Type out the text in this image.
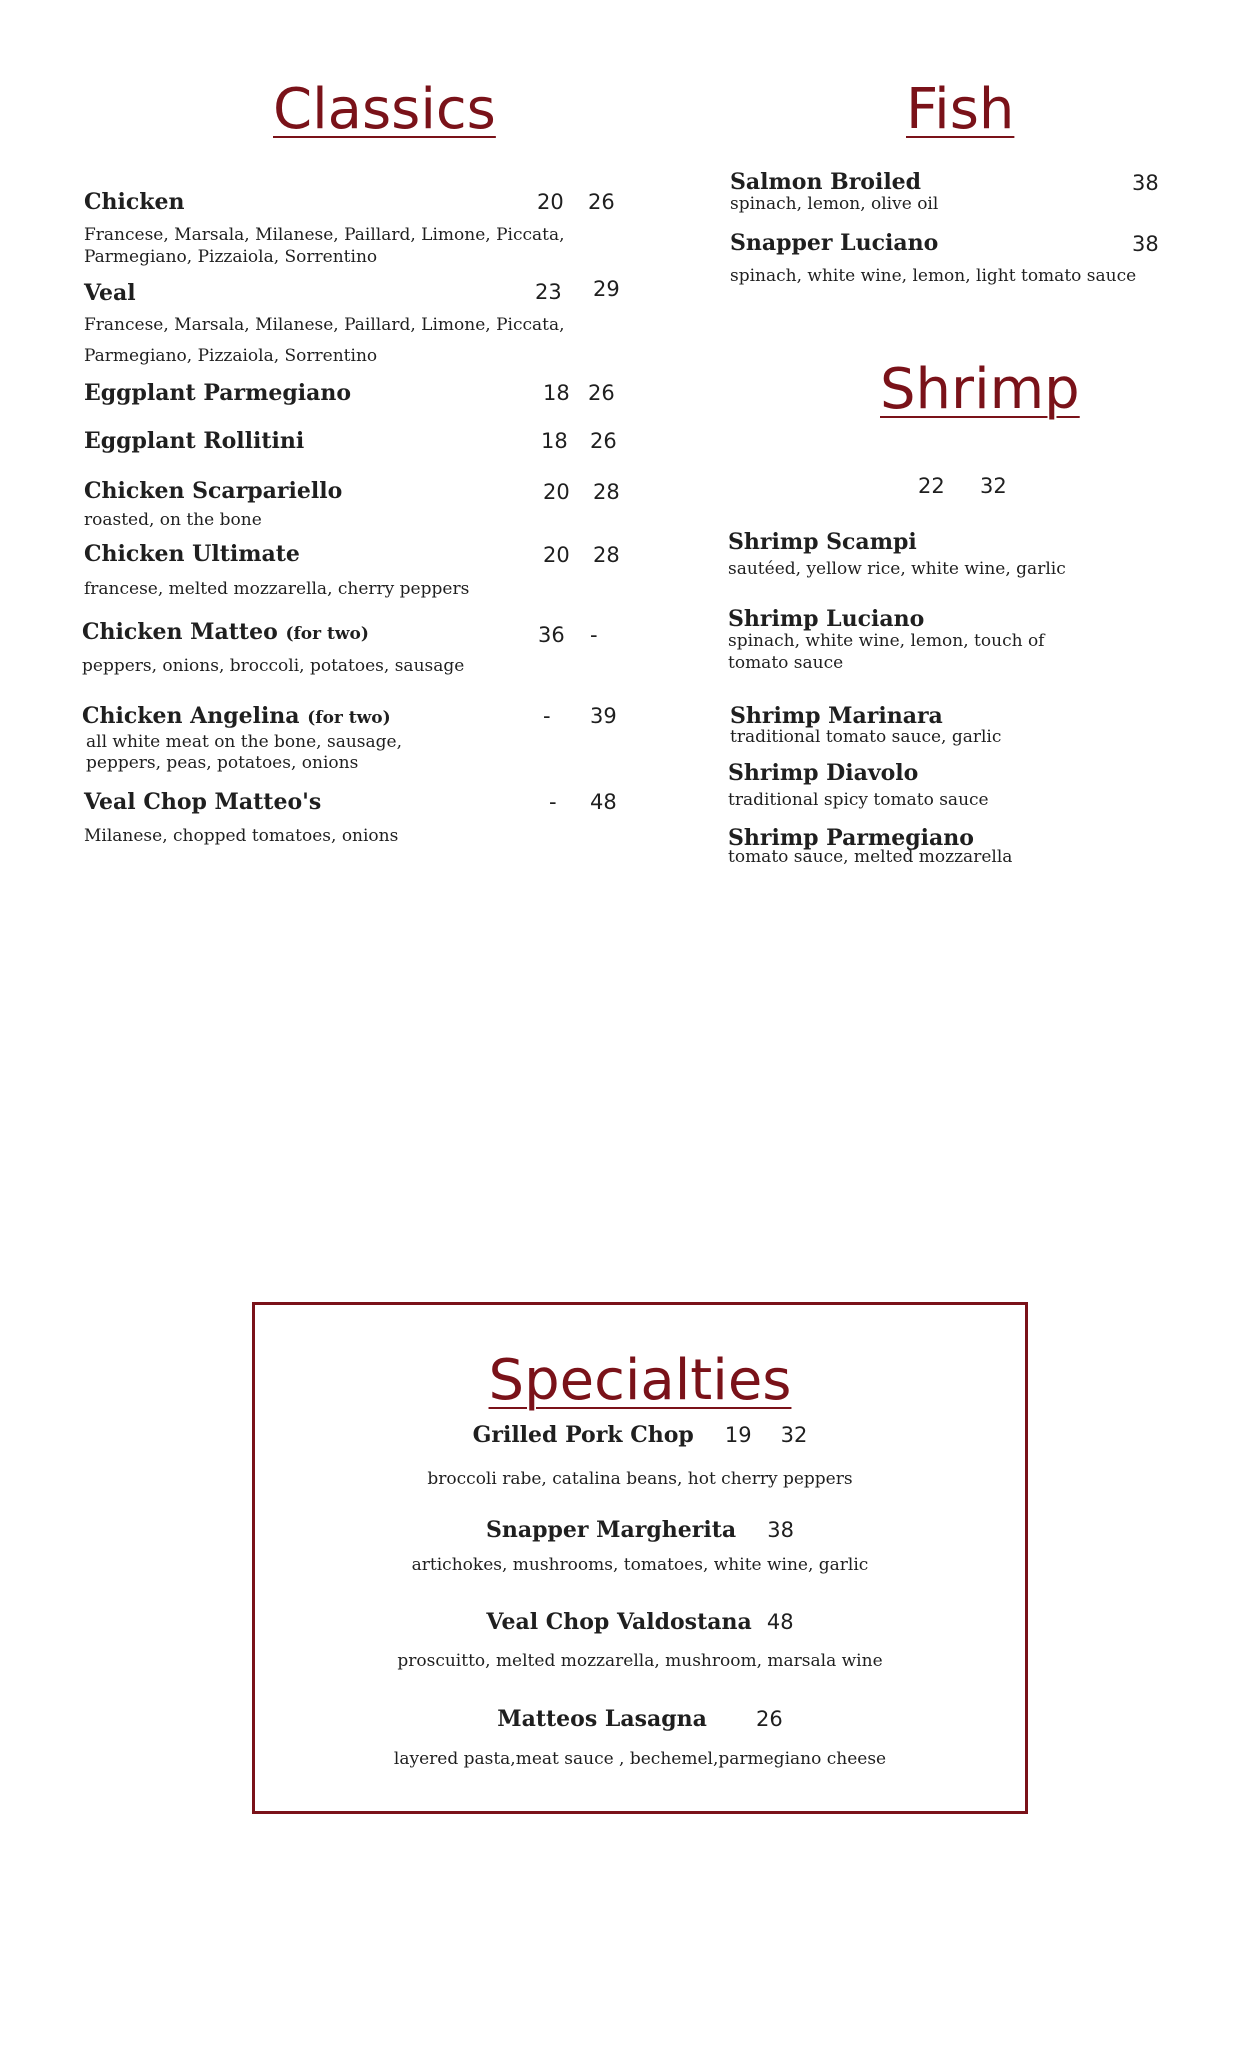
Classics
Chicken	20 26
Francese, Marsala, Milanese, Paillard, Limone, Piccata,
Parmegiano, Pizzaiola, Sorrentino
Veal	23 29
Francese, Marsala, Milanese, Paillard, Limone, Piccata,
Parmegiano, Pizzaiola, Sorrentino
Eggplant Parmegiano	18 26
Eggplant Rollitini	18 26
Chicken Scarpariello	20 28
roasted, on the bone
Chicken Ultimate	20 28
francese, melted mozzarella, cherry peppers
Chicken Matteo (for two)	36 -
peppers, onions, broccoli, potatoes, sausage
Chicken Angelina (for two)	- 39
all white meat on the bone, sausage,
peppers, peas, potatoes, onions
Veal Chop Matteo's	- 48
Milanese, chopped tomatoes, onions
Fish
Salmon Broiled	38
spinach, lemon, olive oil
Snapper Luciano	38
spinach, white wine, lemon, light tomato sauce
Shrimp
22 32
Shrimp Scampi
sautéed, yellow rice, white wine, garlic
Shrimp Luciano
spinach, white wine, lemon, touch of
tomato sauce
Shrimp Marinara
traditional tomato sauce, garlic
Shrimp Diavolo
traditional spicy tomato sauce
Shrimp Parmegiano
tomato sauce, melted mozzarella
Specialties
Grilled Pork Chop 19 32
broccoli rabe, catalina beans, hot cherry peppers
Snapper Margherita 38
artichokes, mushrooms, tomatoes, white wine, garlic
Veal Chop Valdostana 48
proscuitto, melted mozzarella, mushroom, marsala wine
Matteos Lasagna 26
layered pasta,meat sauce , bechemel,parmegiano cheese
